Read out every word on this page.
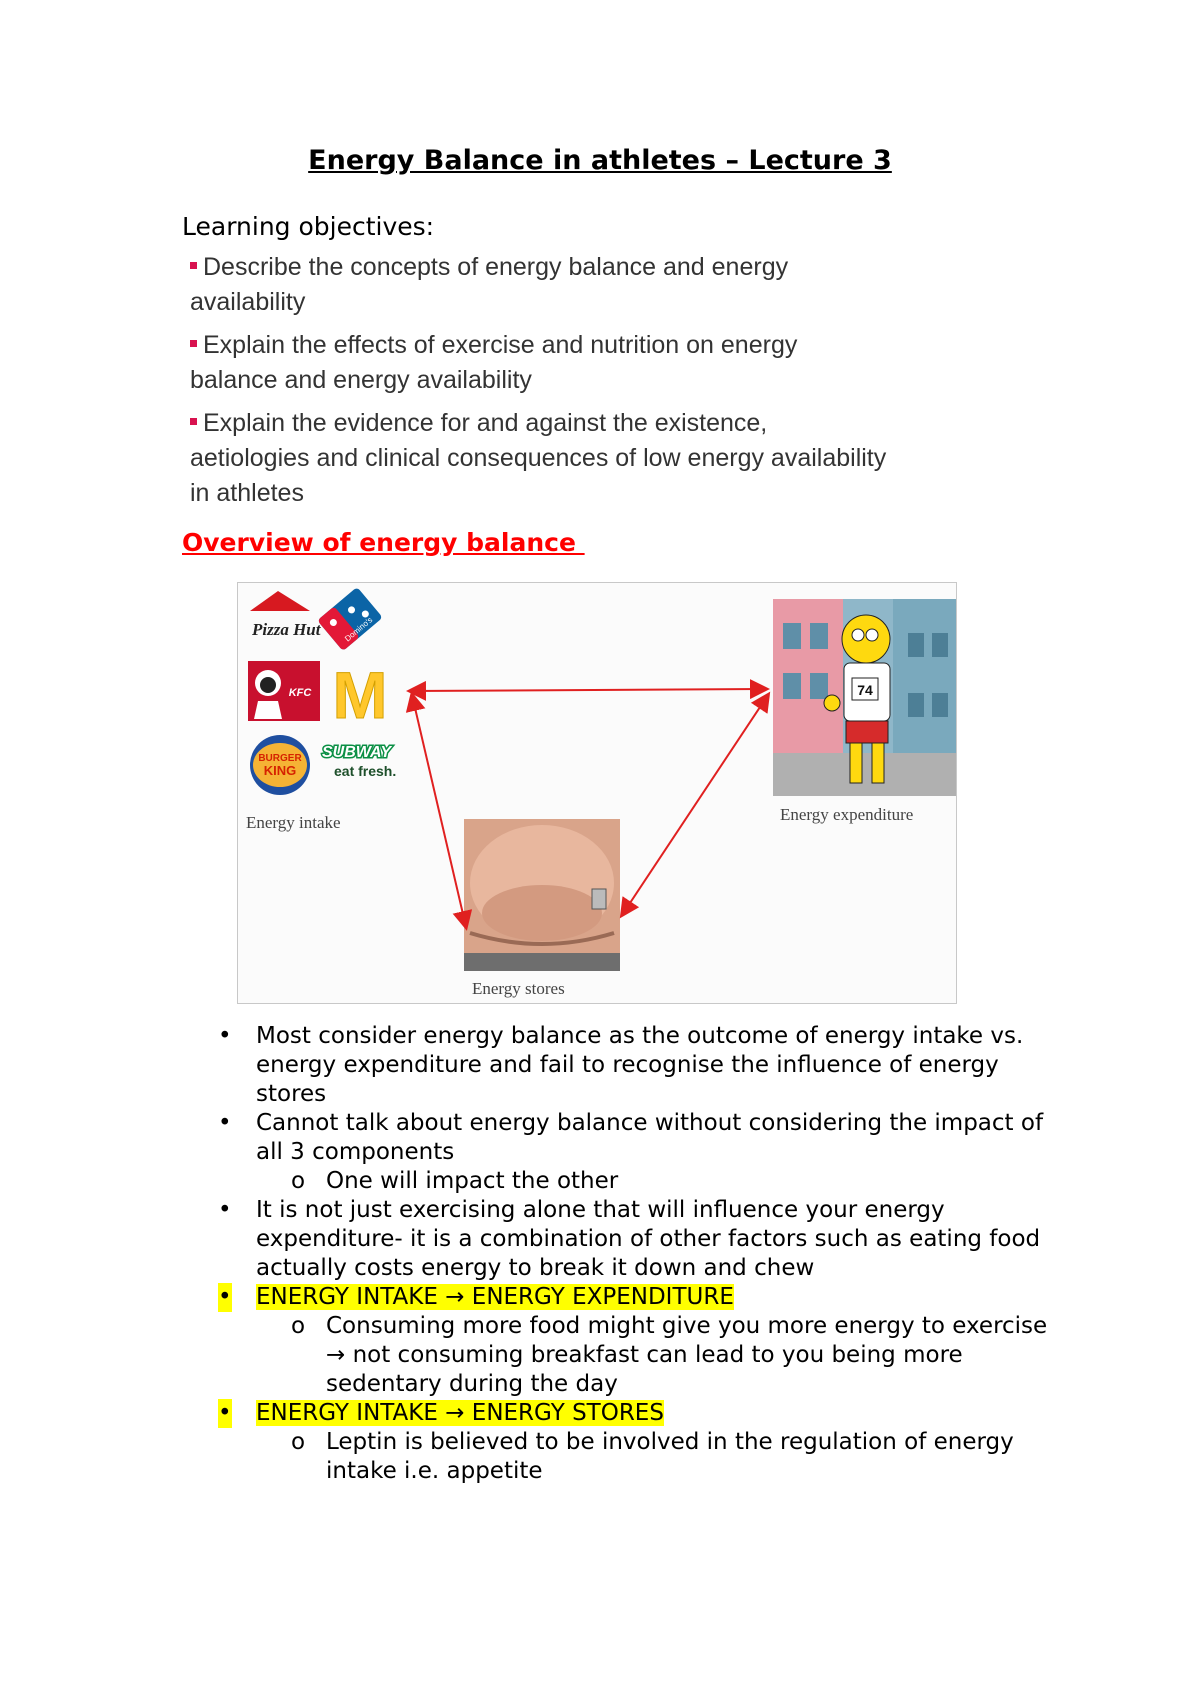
Energy Balance in athletes – Lecture 3

Learning objectives:

Describe the concepts of energy balance and energy availability
Explain the effects of exercise and nutrition on energy balance and energy availability
Explain the evidence for and against the existence, aetiologies and clinical consequences of low energy availability in athletes
Overview of energy balance
Pizza Hut	Domino's
KFC M
BURGER
KING
SUBWAY
eat fresh.
Energy intake
74
Energy expenditure
Energy stores
• Most consider energy balance as the outcome of energy intake vs. energy expenditure and fail to recognise the influence of energy stores
• Cannot talk about energy balance without considering the impact of all 3 components
o One will impact the other
• It is not just exercising alone that will influence your energy expenditure- it is a combination of other factors such as eating food actually costs energy to break it down and chew
• ENERGY INTAKE → ENERGY EXPENDITURE
o Consuming more food might give you more energy to exercise → not consuming breakfast can lead to you being more sedentary during the day
• ENERGY INTAKE → ENERGY STORES
o Leptin is believed to be involved in the regulation of energy intake i.e. appetite
